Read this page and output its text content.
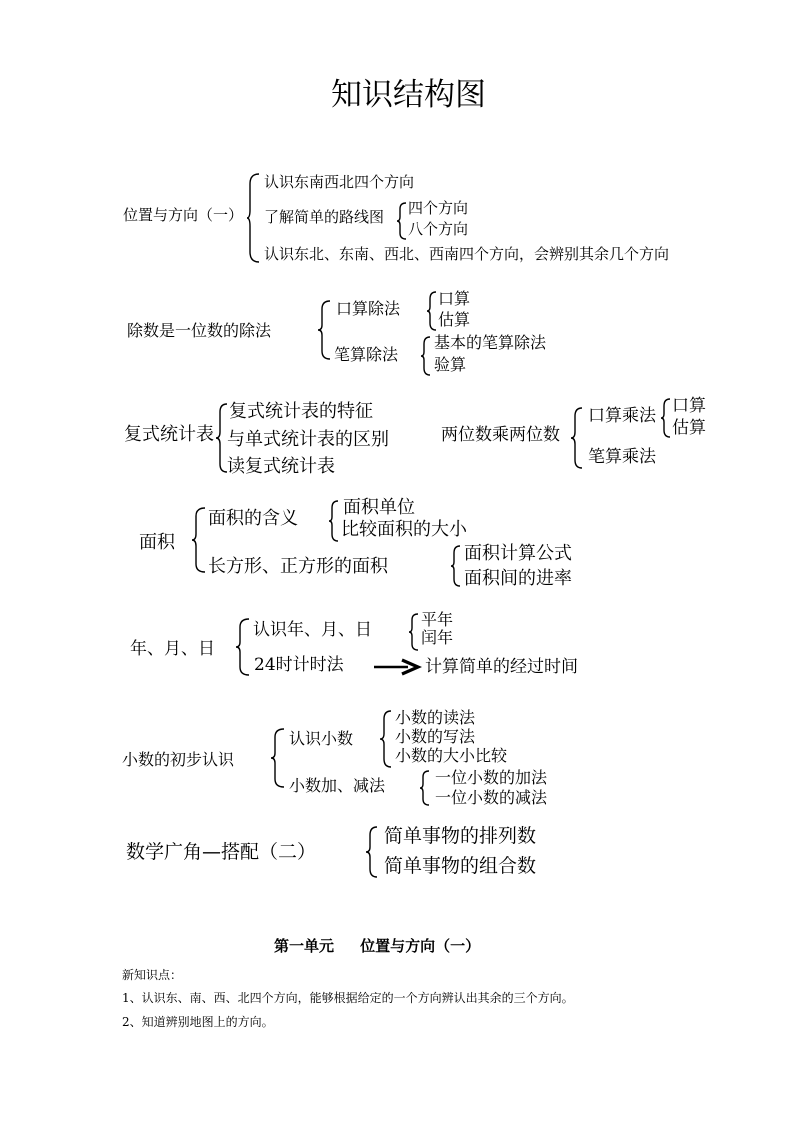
知识结构图
位置与方向（一）
认识东南西北四个方向
了解简单的路线图 四个方向
八个方向
认识东北、东南、西北、西南四个方向，会辨别其余几个方向
除数是一位数的除法
口算除法
口算
估算
笔算除法
基本的笔算除法
验算
复式统计表
复式统计表的特征
与单式统计表的区别
读复式统计表
两位数乘两位数
口算乘法 口算
估算
笔算乘法
面积
面积的含义
面积单位
比较面积的大小
长方形、正方形的面积
面积计算公式
面积间的进率
年、月、日
认识年、月、日
平年
闰年
24时计时法	计算简单的经过时间
小数的初步认识
认识小数
小数的读法
小数的写法
小数的大小比较
小数加、减法	一位小数的加法
一位小数的减法
数学广角—搭配（二）
简单事物的排列数
简单事物的组合数
第一单元     位置与方向（一）
新知识点：
1、认识东、南、西、北四个方向，能够根据给定的一个方向辨认出其余的三个方向。
2、知道辨别地图上的方向。
